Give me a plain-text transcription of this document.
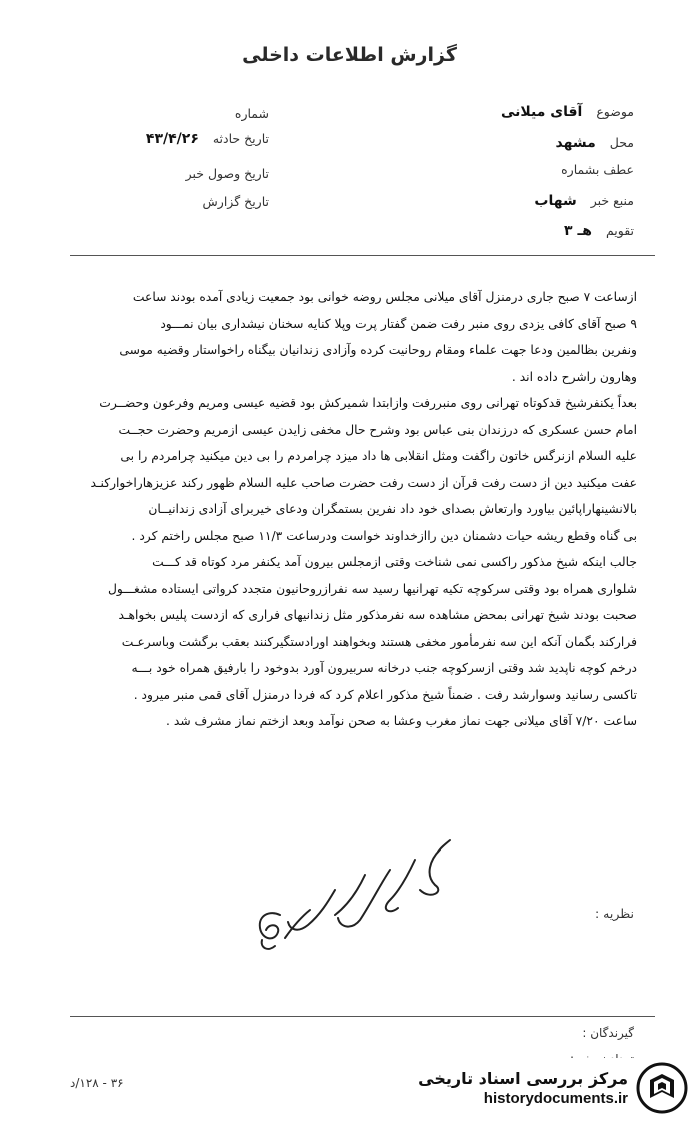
گزارش اطلاعات داخلی
موضوع آقای میلانی
محل مشهد
عطف بشماره
منبع خبر شهاب
تقویم هـ ۳
شماره
تاریخ حادثه ۴۳/۴/۲۶
تاریخ وصول خبر
تاریخ گزارش

ازساعت ۷ صبح جاری درمنزل آقای میلانی مجلس روضه خوانی بود جمعیت زیادی آمده بودند ساعت

۹ صبح آقای کافی یزدی روی منبر رفت ضمن گفتار پرت وپلا کنایه سخنان نیشداری بیان نمـــود

ونفرین بظالمین ودعا جهت علماء ومقام روحانیت کرده وآزادی زندانیان بیگناه راخواستار وقضیه موسی

وهارون راشرح داده اند .

بعداً یکنفرشیخ قدکوتاه تهرانی روی منبررفت وازابتدا شمیرکش بود قضیه عیسی ومریم وفرعون وحضــرت

امام حسن عسکری که درزندان بنی عباس بود وشرح حال مخفی زایدن عیسی ازمریم وحضرت حجــت

علیه السلام ازنرگس خاتون راگفت ومثل انقلابی ها داد میزد چرامردم را بی دین میکنید چرامردم را بی

عفت میکنید دین از دست رفت قرآن از دست رفت حضرت صاحب علیه السلام ظهور رکند عزیزهاراخوارکنـد

بالانشینهاراپائین بیاورد وارتعاش بصدای خود داد نفرین بستمگران ودعای خیربرای آزادی زندانیــان

بی گناه وقطع ریشه حیات دشمنان دین راازخداوند خواست ودرساعت ۱۱/۳ صبح مجلس راختم کرد .

جالب اینکه شیخ مذکور راکسی نمی شناخت وقتی ازمجلس بیرون آمد یکنفر مرد کوتاه قد کـــت

شلواری همراه بود وقتی سرکوچه تکیه تهرانیها رسید سه نفرازروحانیون متجدد کرواتی ایستاده مشغـــول

صحبت بودند شیخ تهرانی بمحض مشاهده سه نفرمذکور مثل زندانیهای فراری که ازدست پلیس بخواهـد

فرارکند بگمان آنکه این سه نفرمأمور مخفی هستند وبخواهند اورادستگیرکنند بعقب برگشت وباسرعـت

درخم کوچه ناپدید شد وقتی ازسرکوچه جنب درخانه سربیرون آورد بدوخود را بارفیق همراه خود بـــه

تاکسی رسانید وسوارشد رفت . ضمناً شیخ مذکور اعلام کرد که فردا درمنزل آقای قمی منبر میرود .

ساعت ۷/۲۰ آقای میلانی جهت نماز مغرب وعشا به صحن نوآمد وبعد ازختم نماز مشرف شد .

نظریه :
گیرندگان :
۳۶ - ۱۲۸/د	مرکز بررسی اسناد تاریخی
historydocuments.ir
